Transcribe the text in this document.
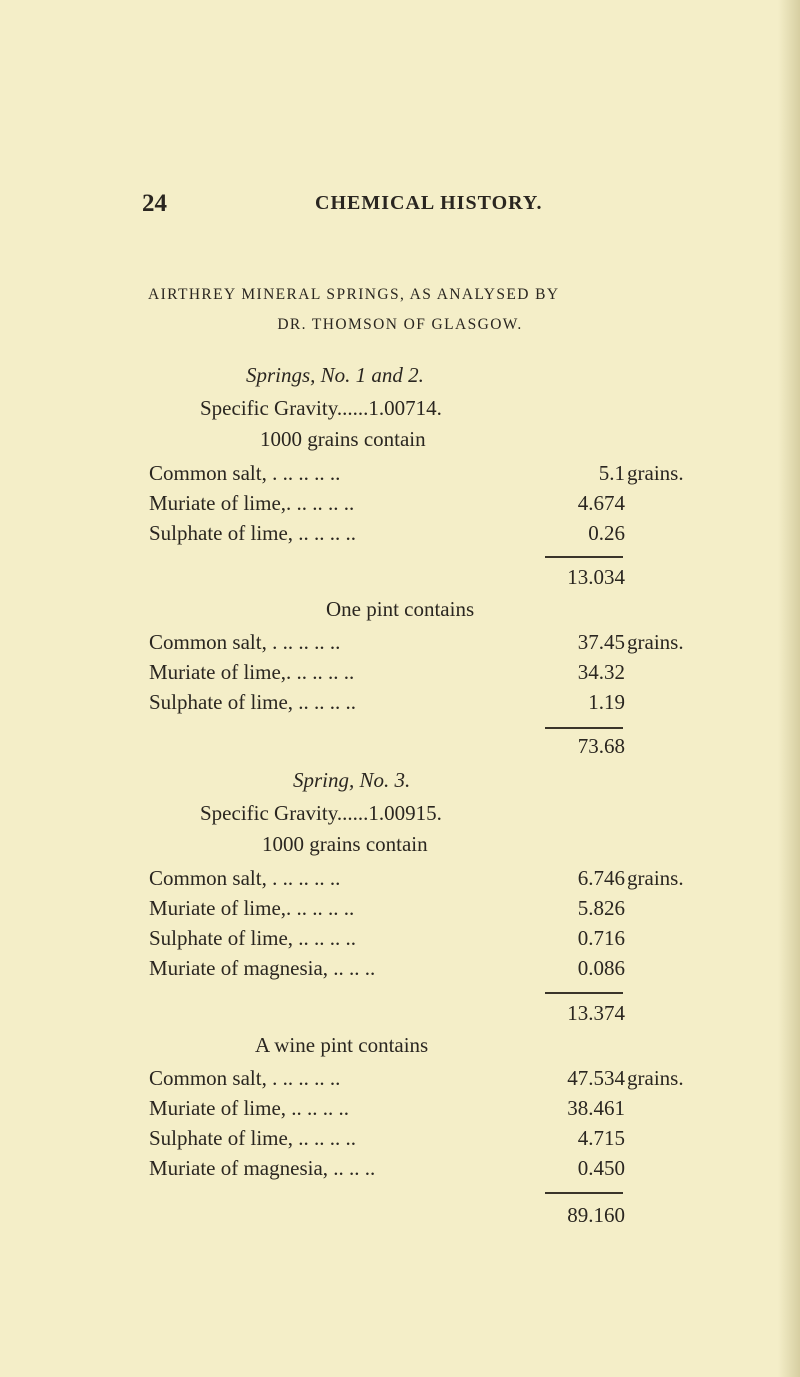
24	CHEMICAL HISTORY.
AIRTHREY MINERAL SPRINGS, AS ANALYSED BY
DR. THOMSON OF GLASGOW.
Springs, No. 1 and 2.
Specific Gravity......1.00714.
1000 grains contain
Common salt, . .. .. .. ..	5.1 grains.
Muriate of lime,. .. .. .. ..	4.674
Sulphate of lime, .. .. .. ..	0.26
13.034
One pint contains
Common salt, . .. .. .. ..	37.45 grains.
Muriate of lime,. .. .. .. ..	34.32
Sulphate of lime, .. .. .. ..	1.19
73.68
Spring, No. 3.
Specific Gravity......1.00915.
1000 grains contain
Common salt, . .. .. .. ..	6.746 grains.
Muriate of lime,. .. .. .. ..	5.826
Sulphate of lime, .. .. .. ..	0.716
Muriate of magnesia, .. .. ..	0.086
13.374
A wine pint contains
Common salt, . .. .. .. ..	47.534 grains.
Muriate of lime, .. .. .. ..	38.461
Sulphate of lime, .. .. .. ..	4.715
Muriate of magnesia, .. .. ..	0.450
89.160
